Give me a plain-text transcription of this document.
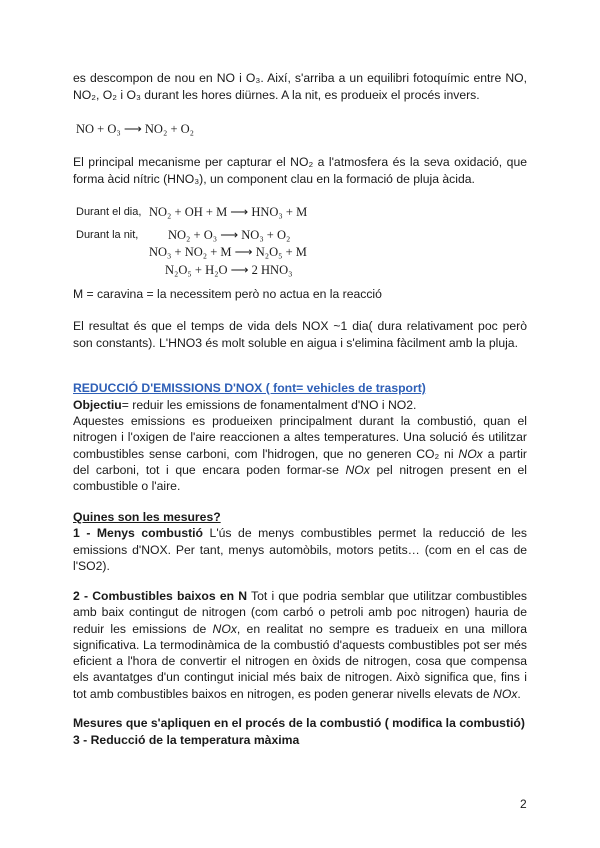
es descompon de nou en NO i O₃. Així, s'arriba a un equilibri fotoquímic entre NO, NO₂, O₂ i O₃ durant les hores diürnes. A la nit, es produeix el procés invers.

NO + O₃ ⟶ NO₂ + O₂

El principal mecanisme per capturar el NO₂ a l'atmosfera és la seva oxidació, que forma àcid nítric (HNO₃), un component clau en la formació de pluja àcida.

Durant el dia, NO₂ + OH + M ⟶ HNO₃ + M
Durant la nit, NO₂ + O₃ ⟶ NO₃ + O₂
NO₃ + NO₂ + M ⟶ N₂O₅ + M
N₂O₅ + H₂O ⟶ 2 HNO₃

M = caravina = la necessitem però no actua en la reacció

El resultat és que el temps de vida dels NOX ~1 dia( dura relativament poc però son constants). L'HNO3 és molt soluble en aigua i s'elimina fàcilment amb la pluja.

REDUCCIÓ D'EMISSIONS D'NOX ( font= vehicles de trasport)

Objectiu= reduir les emissions de fonamentalment d'NO i NO2.

Aquestes emissions es produeixen principalment durant la combustió, quan el nitrogen i l'oxigen de l'aire reaccionen a altes temperatures. Una solució és utilitzar combustibles sense carboni, com l'hidrogen, que no generen CO₂ ni NOx a partir del carboni, tot i que encara poden formar-se NOx pel nitrogen present en el combustible o l'aire.

Quines son les mesures?

1 - Menys combustió L'ús de menys combustibles permet la reducció de les emissions d'NOX. Per tant, menys automòbils, motors petits… (com en el cas de l'SO2).

2 - Combustibles baixos en N Tot i que podria semblar que utilitzar combustibles amb baix contingut de nitrogen (com carbó o petroli amb poc nitrogen) hauria de reduir les emissions de NOx, en realitat no sempre es tradueix en una millora significativa. La termodinàmica de la combustió d'aquests combustibles pot ser més eficient a l'hora de convertir el nitrogen en òxids de nitrogen, cosa que compensa els avantatges d'un contingut inicial més baix de nitrogen. Això significa que, fins i tot amb combustibles baixos en nitrogen, es poden generar nivells elevats de NOx.

Mesures que s'apliquen en el procés de la combustió ( modifica la combustió)
3 - Reducció de la temperatura màxima
2
